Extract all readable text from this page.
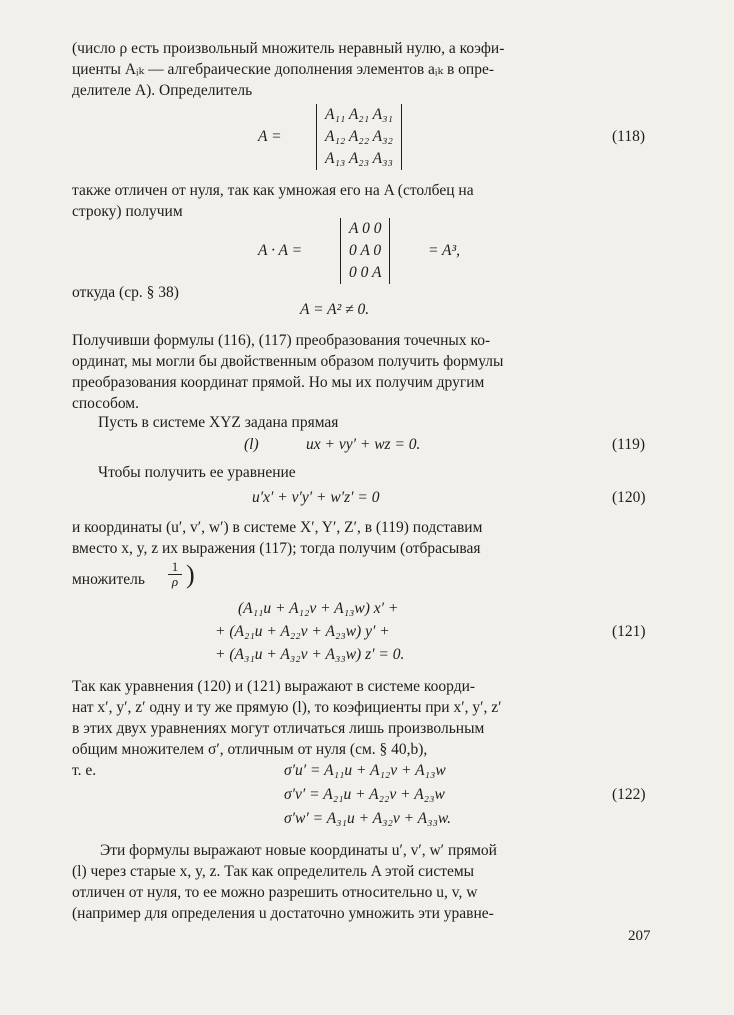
(число ρ есть произвольный множитель неравный нулю, а коэфи-
циенты Aᵢₖ — алгебраические дополнения элементов aᵢₖ в опре-
делителе A). Определитель
A =
A₁₁ A₂₁ A₃₁
A₁₂ A₂₂ A₃₂
A₁₃ A₂₃ A₃₃
(118)
также отличен от нуля, так как умножая его на A (столбец на
строку) получим
A · A =
A 0 0
0 A 0
0 0 A
= A³,
откуда (ср. § 38)
A = A² ≠ 0.
Получивши формулы (116), (117) преобразования точечных ко-
ординат, мы могли бы двойственным образом получить формулы
преобразования координат прямой. Но мы их получим другим
способом.
Пусть в системе XYZ задана прямая
(l)	ux + vy′ + wz = 0.	(119)
Чтобы получить ее уравнение
u′x′ + v′y′ + w′z′ = 0	(120)
и координаты (u′, v′, w′) в системе X′, Y′, Z′, в (119) подставим
вместо x, y, z их выражения (117); тогда получим (отбрасывая
множитель $\frac{1}{\rho}$ )
(A₁₁u + A₁₂v + A₁₃w) x′ +
+ (A₂₁u + A₂₂v + A₂₃w) y′ +
+ (A₃₁u + A₃₂v + A₃₃w) z′ = 0.
(121)
Так как уравнения (120) и (121) выражают в системе коорди-
нат x′, y′, z′ одну и ту же прямую (l), то коэфициенты при x′, y′, z′
в этих двух уравнениях могут отличаться лишь произвольным
общим множителем σ′, отличным от нуля (см. § 40,b),
т. е.	σ′u′ = A₁₁u + A₁₂v + A₁₃w
σ′v′ = A₂₁u + A₂₂v + A₂₃w
σ′w′ = A₃₁u + A₃₂v + A₃₃w.
(122)
Эти формулы выражают новые координаты u′, v′, w′ прямой
(l) через старые x, y, z. Так как определитель A этой системы
отличен от нуля, то ее можно разрешить относительно u, v, w
(например для определения u достаточно умножить эти уравне-
207
